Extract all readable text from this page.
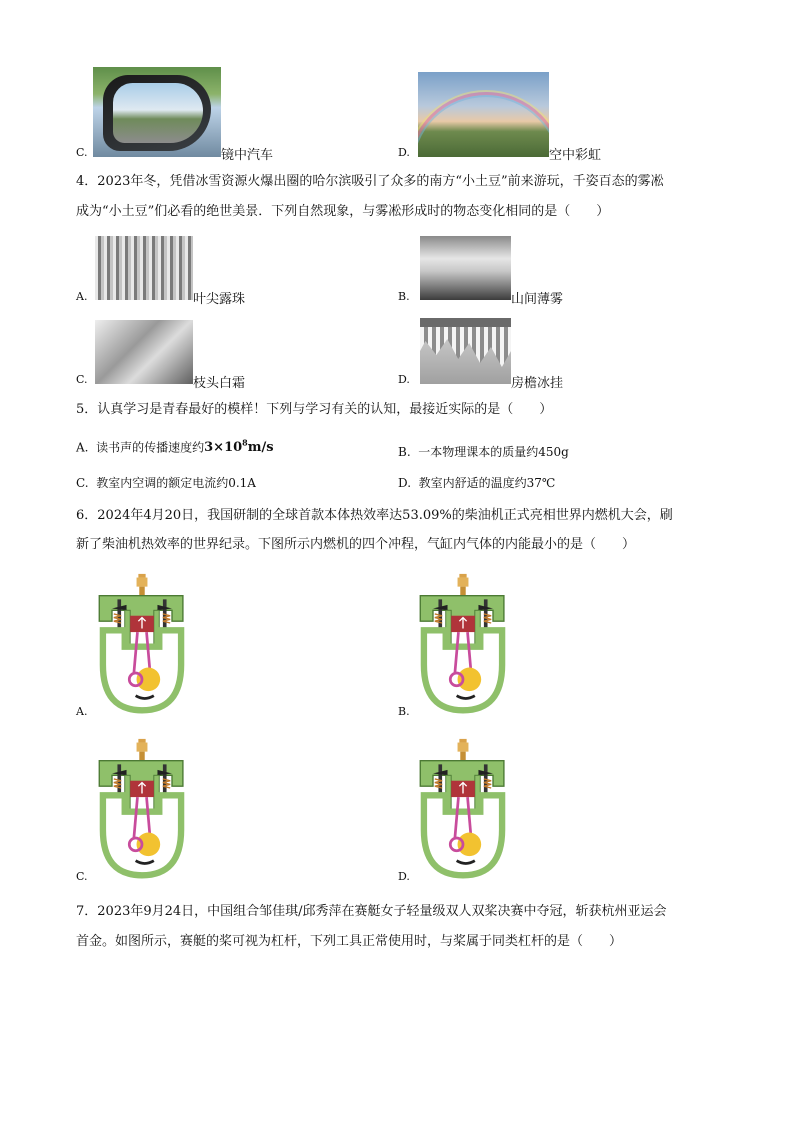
C.	镜中汽车	D.	空中彩虹
4．2023年冬，凭借冰雪资源火爆出圈的哈尔滨吸引了众多的南方“小土豆”前来游玩，千姿百态的雾凇
成为“小土豆”们必看的绝世美景．下列自然现象，与雾凇形成时的物态变化相同的是（　　）
A.	叶尖露珠	B.	山间薄雾
C.	枝头白霜	D.	房檐冰挂
5．认真学习是青春最好的模样！下列与学习有关的认知，最接近实际的是（　　）
A. 读书声的传播速度约$3\times 10^8m/s$	B. 一本物理课本的质量约450g
C. 教室内空调的额定电流约0.1A	D. 教室内舒适的温度约37℃
6．2024年4月20日，我国研制的全球首款本体热效率达53.09%的柴油机正式亮相世界内燃机大会，刷
新了柴油机热效率的世界纪录。下图所示内燃机的四个冲程，气缸内气体的内能最小的是（　　）
A.	B.
C.	D.
7．2023年9月24日，中国组合邹佳琪/邱秀萍在赛艇女子轻量级双人双桨决赛中夺冠，斩获杭州亚运会
首金。如图所示，赛艇的桨可视为杠杆，下列工具正常使用时，与桨属于同类杠杆的是（　　）
